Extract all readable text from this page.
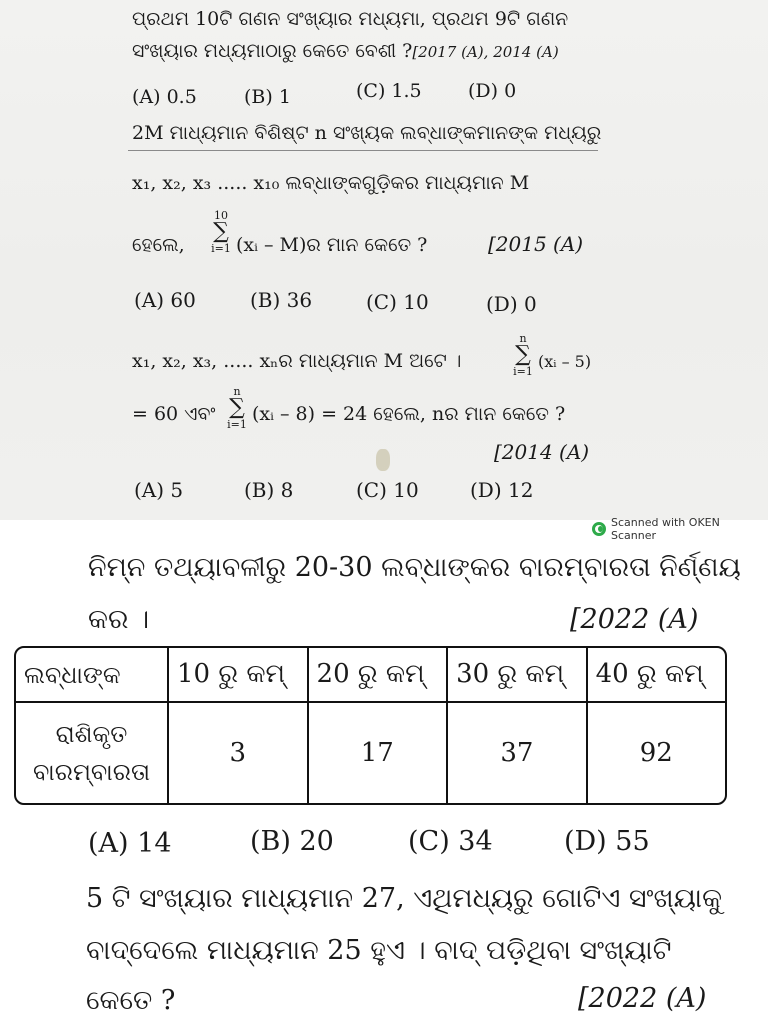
ପ୍ରଥମ 10ଟି ଗଣନ ସଂଖ୍ୟାର ମଧ୍ୟମା, ପ୍ରଥମ 9ଟି ଗଣନ
ସଂଖ୍ୟାର ମଧ୍ୟମାଠାରୁ କେତେ ବେଶୀ ?[2017 (A), 2014 (A)
(A) 0.5 (B) 1	(C) 1.5 (D) 0
2M ମାଧ୍ୟମାନ ବିଶିଷ୍ଟ n ସଂଖ୍ୟକ ଲବ୍ଧାଙ୍କମାନଙ୍କ ମଧ୍ୟରୁ
x₁, x₂, x₃ ..... x₁₀ ଲବ୍ଧାଙ୍କଗୁଡ଼ିକର ମାଧ୍ୟମାନ M
ହେଲେ,
10
∑
i=1 (xᵢ – M)ର ମାନ କେତେ ?	[2015 (A)
(A) 60	(B) 36	(C) 10	(D) 0
x₁, x₂, x₃, ..... xₙର ମାଧ୍ୟମାନ M ଅଟେ ।
n
∑
i=1
(xᵢ – 5)
= 60 ଏବଂ
n
∑
i=1 (xᵢ – 8) = 24 ହେଲେ, nର ମାନ କେତେ ?
[2014 (A)
(A) 5	(B) 8	(C) 10	(D) 12
Scanned with OKEN Scanner
ନିମ୍ନ ତଥ୍ୟାବଳୀରୁ 20-30 ଲବ୍ଧାଙ୍କର ବାରମ୍ବାରତା ନିର୍ଣ୍ଣୟ
କର ।	[2022 (A)
ଲବ୍ଧାଙ୍କ	10 ରୁ କମ୍	20 ରୁ କମ୍	30 ରୁ କମ୍	40 ରୁ କମ୍
ରାଶିକୃତ
ବାରମ୍ବାରତା	3	17	37	92
(A) 14	(B) 20	(C) 34	(D) 55
5 ଟି ସଂଖ୍ୟାର ମାଧ୍ୟମାନ 27, ଏଥିମଧ୍ୟରୁ ଗୋଟିଏ ସଂଖ୍ୟାକୁ
ବାଦ୍‌ଦେଲେ ମାଧ୍ୟମାନ 25 ହୁଏ । ବାଦ୍ ପଡ଼ିଥିବା ସଂଖ୍ୟାଟି
କେତେ ?	[2022 (A)
